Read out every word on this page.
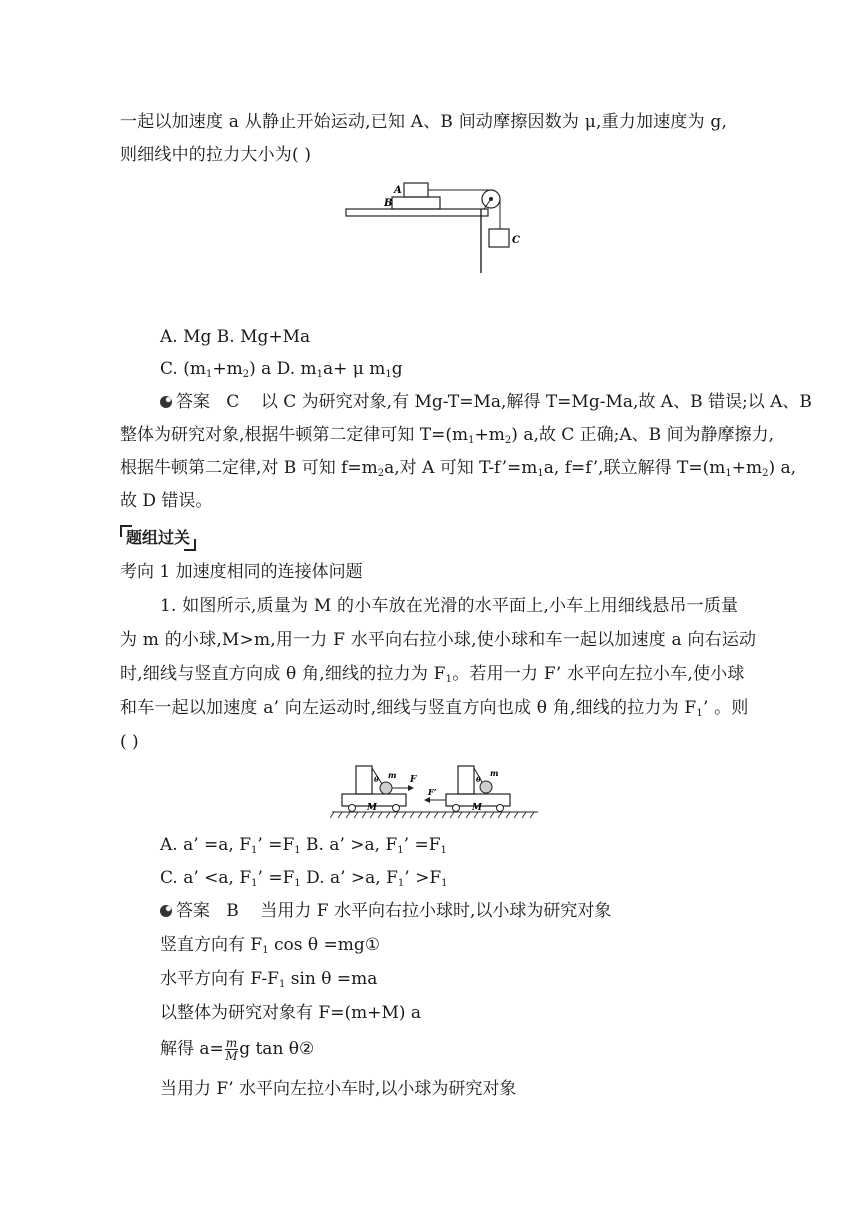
一起以加速度 a 从静止开始运动,已知 A、B 间动摩擦因数为 μ,重力加速度为 g,
则细线中的拉力大小为( )
A
B
C
A. Mg B. Mg+Ma
C. $(m_1+m_2)$ a D. $m_1a+ \mu$ $m_1g$
答案 C 以 C 为研究对象,有 Mg-T=Ma,解得 T=Mg-Ma,故 A、B 错误;以 A、B
整体为研究对象,根据牛顿第二定律可知 $T=(m_1+m_2)$ a,故 C 正确;A、B 间为静摩擦力,
根据牛顿第二定律,对 B 可知 $f=m_2a$,对 A 可知 $T-f’=m_1a$, f=f’,联立解得 $T=(m_1+m_2)$ a,
故 D 错误。
题组过关
考向 1 加速度相同的连接体问题
1. 如图所示,质量为 M 的小车放在光滑的水平面上,小车上用细线悬吊一质量
为 m 的小球,M>m,用一力 F 水平向右拉小球,使小球和车一起以加速度 a 向右运动
时,细线与竖直方向成 θ 角,细线的拉力为 $F_1$。若用一力 F’ 水平向左拉小车,使小球
和车一起以加速度 a’ 向左运动时,细线与竖直方向也成 θ 角,细线的拉力为 $F_1$’ 。则
( )
M
θ m F
M
θ
m
F’
A. a’ =a, $F_1$’ $=F_1$ B. a’ >a, $F_1$’ $=F_1$
C. a’ <a, $F_1$’ $=F_1$ D. a’ >a, $F_1$’ $>F_1$
答案 B 当用力 F 水平向右拉小球时,以小球为研究对象
竖直方向有 $F_1$ cos θ =mg①
水平方向有 $F-F_1$ sin θ =ma
以整体为研究对象有 F=(m+M) a
解得 $a= \frac{m}{M}$ g tan θ②
当用力 F’ 水平向左拉小车时,以小球为研究对象
